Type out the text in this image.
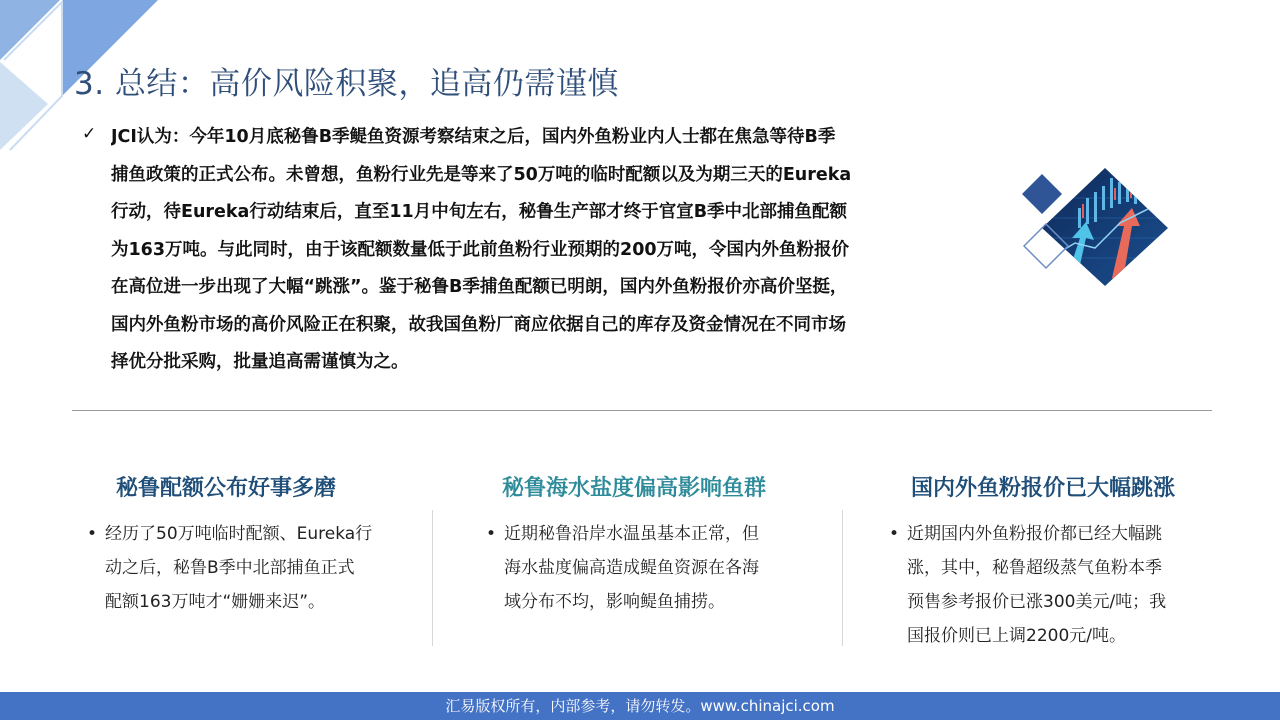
3. 总结：高价风险积聚，追高仍需谨慎
✓ JCI认为：今年10月底秘鲁B季鳀鱼资源考察结束之后，国内外鱼粉业内人士都在焦急等待B季
捕鱼政策的正式公布。未曾想，鱼粉行业先是等来了50万吨的临时配额以及为期三天的Eureka
行动，待Eureka行动结束后，直至11月中旬左右，秘鲁生产部才终于官宣B季中北部捕鱼配额
为163万吨。与此同时，由于该配额数量低于此前鱼粉行业预期的200万吨，令国内外鱼粉报价
在高位进一步出现了大幅“跳涨”。鉴于秘鲁B季捕鱼配额已明朗，国内外鱼粉报价亦高价坚挺，
国内外鱼粉市场的高价风险正在积聚，故我国鱼粉厂商应依据自己的库存及资金情况在不同市场
择优分批采购，批量追高需谨慎为之。
秘鲁配额公布好事多磨
• 经历了50万吨临时配额、Eureka行
动之后，秘鲁B季中北部捕鱼正式
配额163万吨才“姗姗来迟”。
秘鲁海水盐度偏高影响鱼群
• 近期秘鲁沿岸水温虽基本正常，但
海水盐度偏高造成鳀鱼资源在各海
域分布不均，影响鳀鱼捕捞。
国内外鱼粉报价已大幅跳涨
• 近期国内外鱼粉报价都已经大幅跳
涨，其中，秘鲁超级蒸气鱼粉本季
预售参考报价已涨300美元/吨；我
国报价则已上调2200元/吨。
汇易版权所有，内部参考，请勿转发。www.chinajci.com
